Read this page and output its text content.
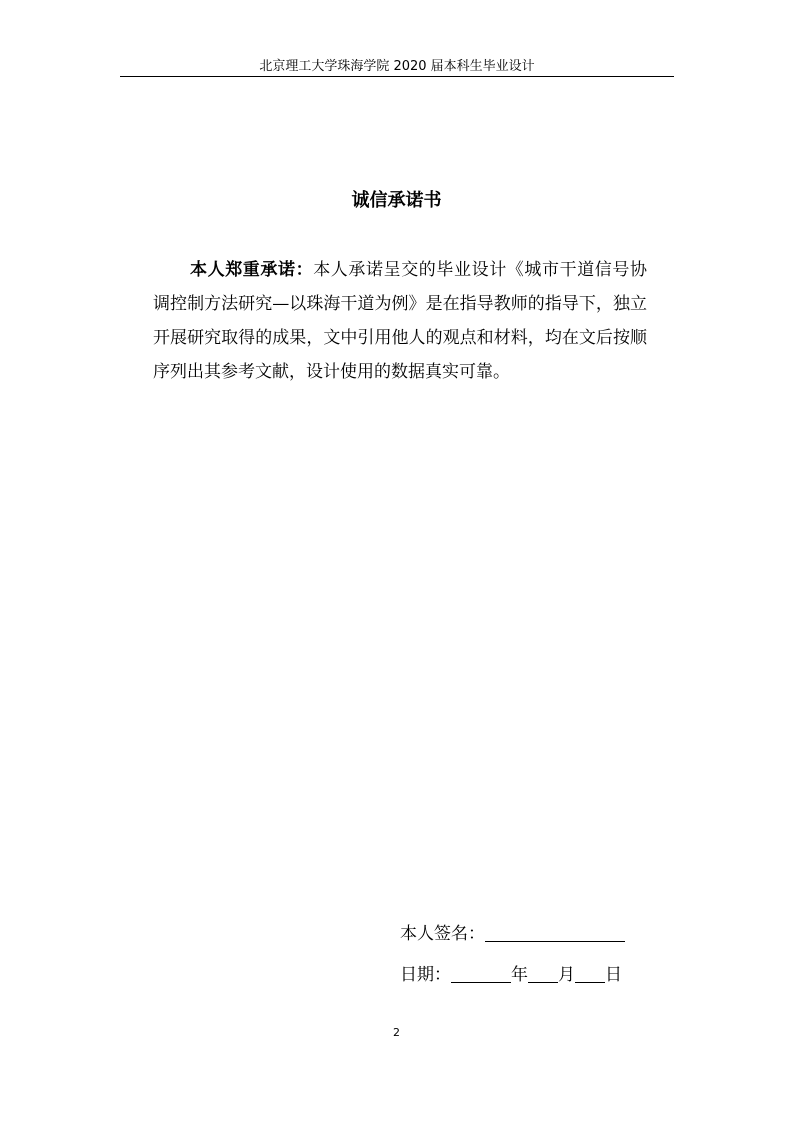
北京理工大学珠海学院 2020 届本科生毕业设计
诚信承诺书

本人郑重承诺：本人承诺呈交的毕业设计《城市干道信号协调控制方法研究—以珠海干道为例》是在指导教师的指导下，独立开展研究取得的成果，文中引用他人的观点和材料，均在文后按顺序列出其参考文献，设计使用的数据真实可靠。

本人签名：
日期：	年 月 日
2
